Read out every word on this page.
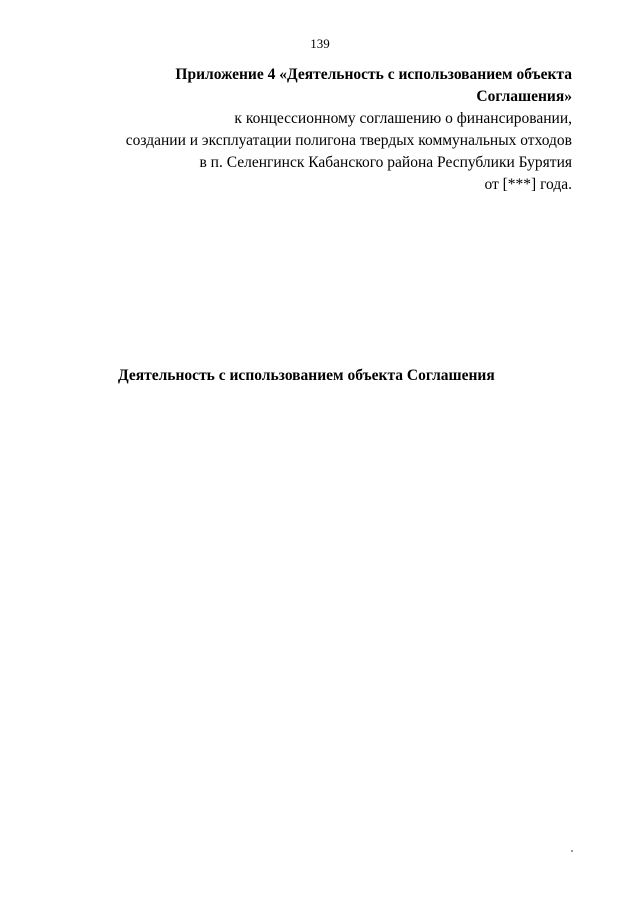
139
Приложение 4 «Деятельность с использованием объекта
Соглашения»
к концессионному соглашению о финансировании,
создании и эксплуатации полигона твердых коммунальных отходов
в п. Селенгинск Кабанского района Республики Бурятия
от [***] года.
Деятельность с использованием объекта Соглашения
